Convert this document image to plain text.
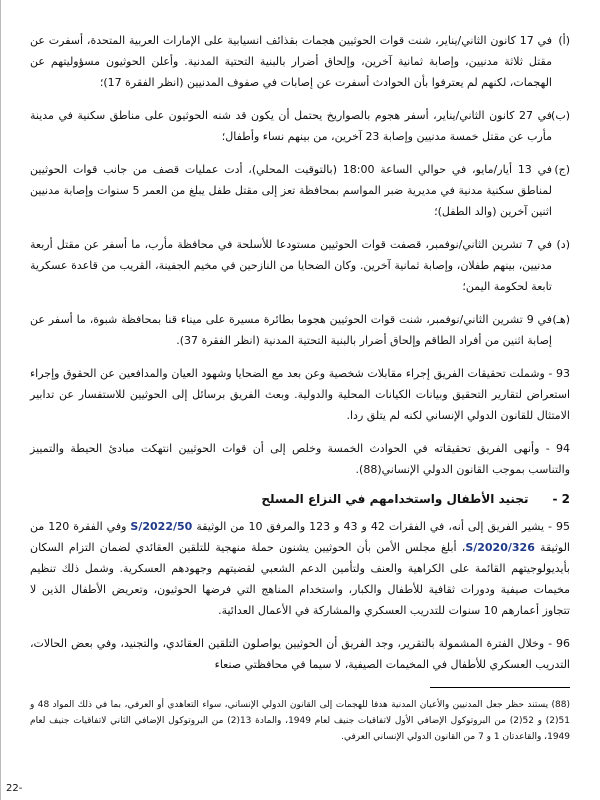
(أ)
في 17 كانون الثاني/يناير، شنت قوات الحوثيين هجمات بقذائف انسيابية على الإمارات العربية المتحدة، أسفرت عن مقتل ثلاثة مدنيين، وإصابة ثمانية آخرين، وإلحاق أضرار بالبنية التحتية المدنية. وأعلن الحوثيون مسؤوليتهم عن الهجمات، لكنهم لم يعترفوا بأن الحوادث أسفرت عن إصابات في صفوف المدنيين (انظر الفقرة 17)؛
(ب)
في 27 كانون الثاني/يناير، أسفر هجوم بالصواريخ يحتمل أن يكون قد شنه الحوثيون على مناطق سكنية في مدينة مأرب عن مقتل خمسة مدنيين وإصابة 23 آخرين، من بينهم نساء وأطفال؛
(ج)
في 13 أيار/مايو، في حوالي الساعة 18:00 (بالتوقيت المحلي)، أدت عمليات قصف من جانب قوات الحوثيين لمناطق سكنية مدنية في مديرية ضبر المواسم بمحافظة تعز إلى مقتل طفل يبلغ من العمر 5 سنوات وإصابة مدنيين اثنين آخرين (والد الطفل)؛
(د)
في 7 تشرين الثاني/نوفمبر، قصفت قوات الحوثيين مستودعا للأسلحة في محافظة مأرب، ما أسفر عن مقتل أربعة مدنيين، بينهم طفلان، وإصابة ثمانية آخرين. وكان الضحايا من النازحين في مخيم الجفينة، القريب من قاعدة عسكرية تابعة لحكومة اليمن؛
(هـ)
في 9 تشرين الثاني/نوفمبر، شنت قوات الحوثيين هجوما بطائرة مسيرة على ميناء قنا بمحافظة شبوة، ما أسفر عن إصابة اثنين من أفراد الطاقم وإلحاق أضرار بالبنية التحتية المدنية (انظر الفقرة 37).

93 - وشملت تحقيقات الفريق إجراء مقابلات شخصية وعن بعد مع الضحايا وشهود العيان والمدافعين عن الحقوق وإجراء استعراض لتقارير التحقيق وبيانات الكيانات المحلية والدولية. وبعث الفريق برسائل إلى الحوثيين للاستفسار عن تدابير الامتثال للقانون الدولي الإنساني لكنه لم يتلق ردا.

94 - وأنهى الفريق تحقيقاته في الحوادث الخمسة وخلص إلى أن قوات الحوثيين انتهكت مبادئ الحيطة والتمييز والتناسب بموجب القانون الدولي الإنساني(88).

2 -
تجنيد الأطفال واستخدامهم في النزاع المسلح

95 - يشير الفريق إلى أنه، في الفقرات 42 و 43 و 123 والمرفق 10 من الوثيقة S/2022/50 وفي الفقرة 120 من الوثيقة S/2020/326، أبلغ مجلس الأمن بأن الحوثيين يشنون حملة منهجية للتلقين العقائدي لضمان التزام السكان بأيديولوجيتهم القائمة على الكراهية والعنف ولتأمين الدعم الشعبي لقضيتهم وجهودهم العسكرية. وشمل ذلك تنظيم مخيمات صيفية ودورات ثقافية للأطفال والكبار، واستخدام المناهج التي فرضها الحوثيون، وتعريض الأطفال الذين لا تتجاوز أعمارهم 10 سنوات للتدريب العسكري والمشاركة في الأعمال العدائية.

96 - وخلال الفترة المشمولة بالتقرير، وجد الفريق أن الحوثيين يواصلون التلقين العقائدي، والتجنيد، وفي بعض الحالات، التدريب العسكري للأطفال في المخيمات الصيفية، لا سيما في محافظتي صنعاء

(88) يستند حظر جعل المدنيين والأعيان المدنية هدفا للهجمات إلى القانون الدولي الإنساني، سواء التعاهدي أو العرفي، بما في ذلك المواد 48 و 51(2) و 52(2) من البروتوكول الإضافي الأول لاتفاقيات جنيف لعام 1949، والمادة 13(2) من البروتوكول الإضافي الثاني لاتفاقيات جنيف لعام 1949، والقاعدتان 1 و 7 من القانون الدولي الإنساني العرفي.

22-
